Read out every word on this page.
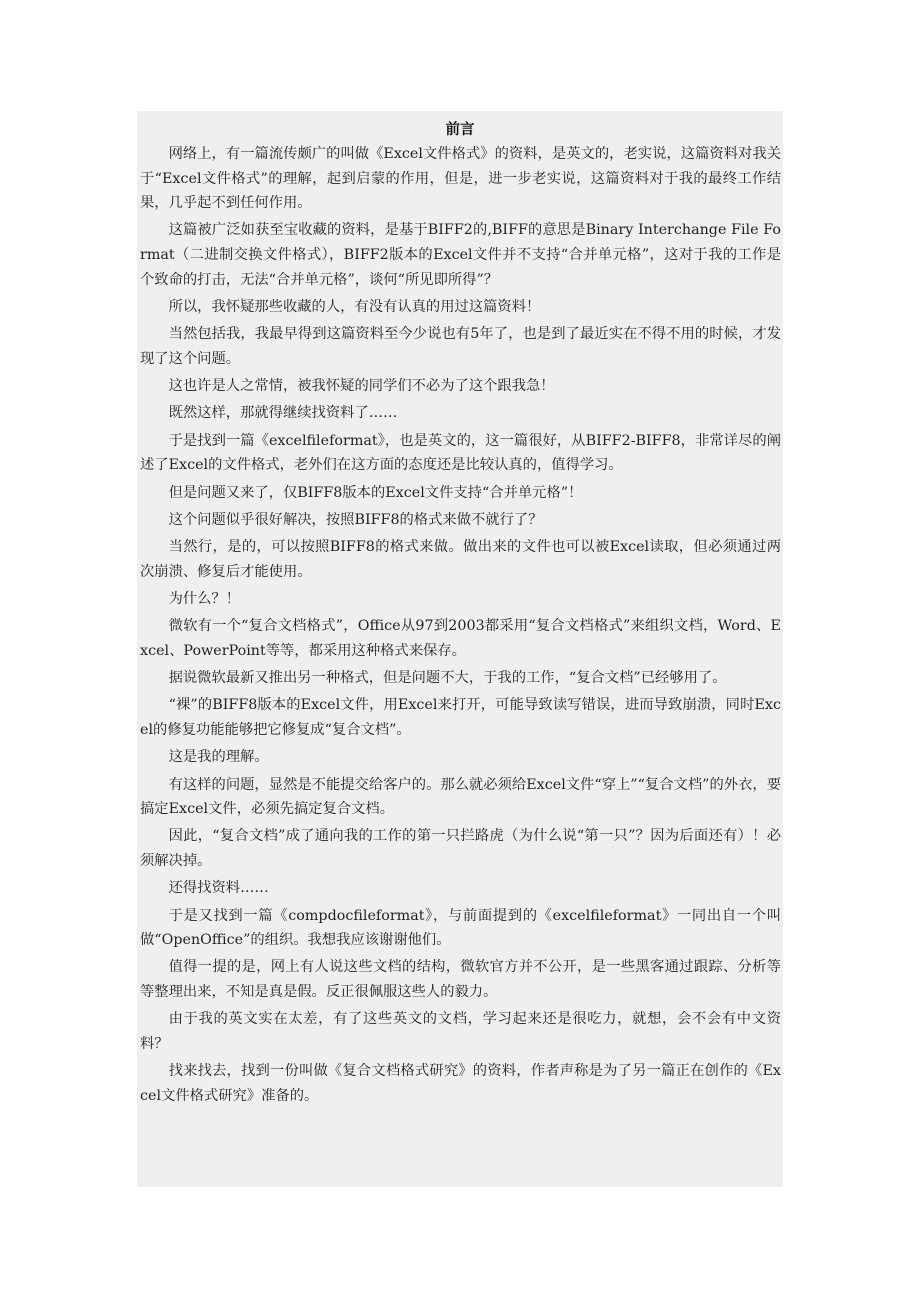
前言

网络上，有一篇流传颇广的叫做《Excel文件格式》的资料，是英文的，老实说，这篇资料对我关于“Excel文件格式”的理解，起到启蒙的作用，但是，进一步老实说，这篇资料对于我的最终工作结果，几乎起不到任何作用。

这篇被广泛如获至宝收藏的资料，是基于BIFF2的,BIFF的意思是Binary Interchange File Format（二进制交换文件格式），BIFF2版本的Excel文件并不支持“合并单元格”，这对于我的工作是个致命的打击，无法“合并单元格”，谈何“所见即所得”？

所以，我怀疑那些收藏的人，有没有认真的用过这篇资料！

当然包括我，我最早得到这篇资料至今少说也有5年了，也是到了最近实在不得不用的时候，才发现了这个问题。

这也许是人之常情，被我怀疑的同学们不必为了这个跟我急！

既然这样，那就得继续找资料了……

于是找到一篇《excelfileformat》，也是英文的，这一篇很好，从BIFF2-BIFF8，非常详尽的阐述了Excel的文件格式，老外们在这方面的态度还是比较认真的，值得学习。

但是问题又来了，仅BIFF8版本的Excel文件支持“合并单元格”！

这个问题似乎很好解决，按照BIFF8的格式来做不就行了？

当然行，是的，可以按照BIFF8的格式来做。做出来的文件也可以被Excel读取，但必须通过两次崩溃、修复后才能使用。

为什么？！

微软有一个“复合文档格式”，Office从97到2003都采用“复合文档格式”来组织文档，Word、Excel、PowerPoint等等，都采用这种格式来保存。

据说微软最新又推出另一种格式，但是问题不大，于我的工作，“复合文档”已经够用了。

“裸”的BIFF8版本的Excel文件，用Excel来打开，可能导致读写错误，进而导致崩溃，同时Excel的修复功能能够把它修复成“复合文档”。

这是我的理解。

有这样的问题，显然是不能提交给客户的。那么就必须给Excel文件“穿上”“复合文档”的外衣，要搞定Excel文件，必须先搞定复合文档。

因此，“复合文档”成了通向我的工作的第一只拦路虎（为什么说“第一只”？因为后面还有）！必须解决掉。

还得找资料……

于是又找到一篇《compdocfileformat》，与前面提到的《excelfileformat》一同出自一个叫做“OpenOffice”的组织。我想我应该谢谢他们。

值得一提的是，网上有人说这些文档的结构，微软官方并不公开，是一些黑客通过跟踪、分析等等整理出来，不知是真是假。反正很佩服这些人的毅力。

由于我的英文实在太差，有了这些英文的文档，学习起来还是很吃力，就想，会不会有中文资料？

找来找去，找到一份叫做《复合文档格式研究》的资料，作者声称是为了另一篇正在创作的《Excel文件格式研究》准备的。
